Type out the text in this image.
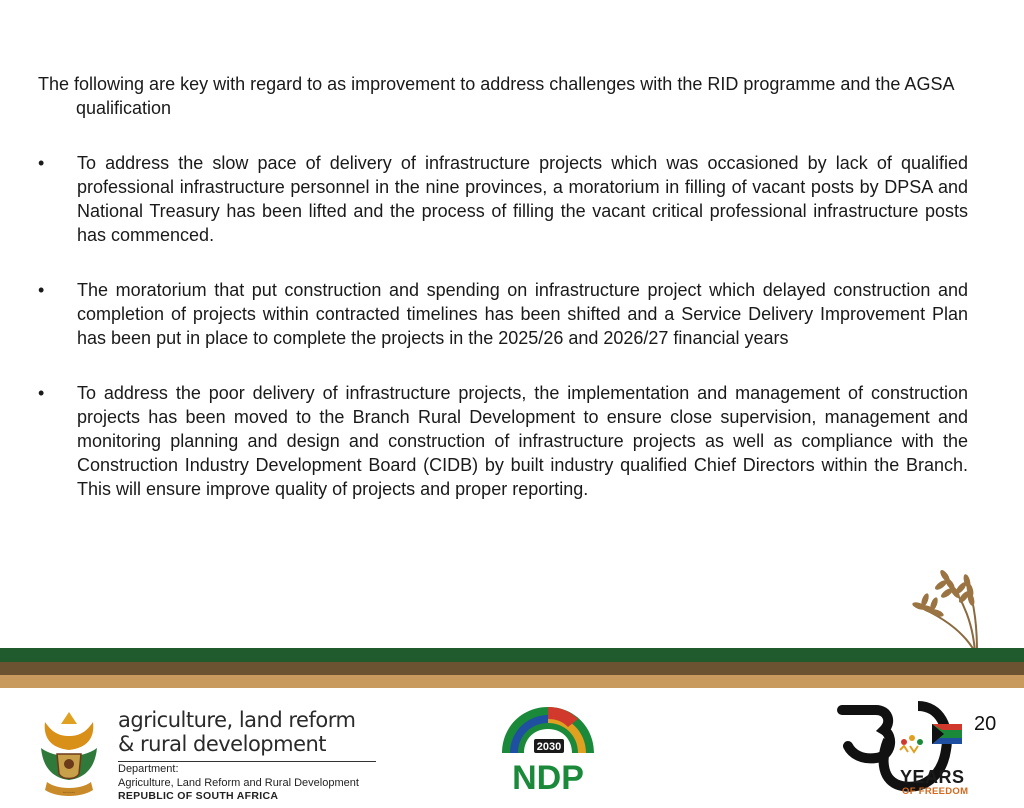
The following are key with regard to as improvement to address challenges with the RID programme and the AGSA qualification

• To address the slow pace of delivery of infrastructure projects which was occasioned by lack of qualified professional infrastructure personnel in the nine provinces, a moratorium in filling of vacant posts by DPSA and National Treasury has been lifted and the process of filling the vacant critical professional infrastructure posts has commenced.
• The moratorium that put construction and spending on infrastructure project which delayed construction and completion of projects within contracted timelines has been shifted and a Service Delivery Improvement Plan has been put in place to complete the projects in the 2025/26 and 2026/27 financial years
• To address the poor delivery of infrastructure projects, the implementation and management of construction projects has been moved to the Branch Rural Development to ensure close supervision, management and monitoring planning and design and construction of infrastructure projects as well as compliance with the Construction Industry Development Board (CIDB) by built industry qualified Chief Directors within the Branch. This will ensure improve quality of projects and proper reporting.
◦◦◦◦◦◦◦
agriculture, land reform
& rural development
Department:
Agriculture, Land Reform and Rural Development
REPUBLIC OF SOUTH AFRICA
2030
NDP	YEARS
OF FREEDOM
20
